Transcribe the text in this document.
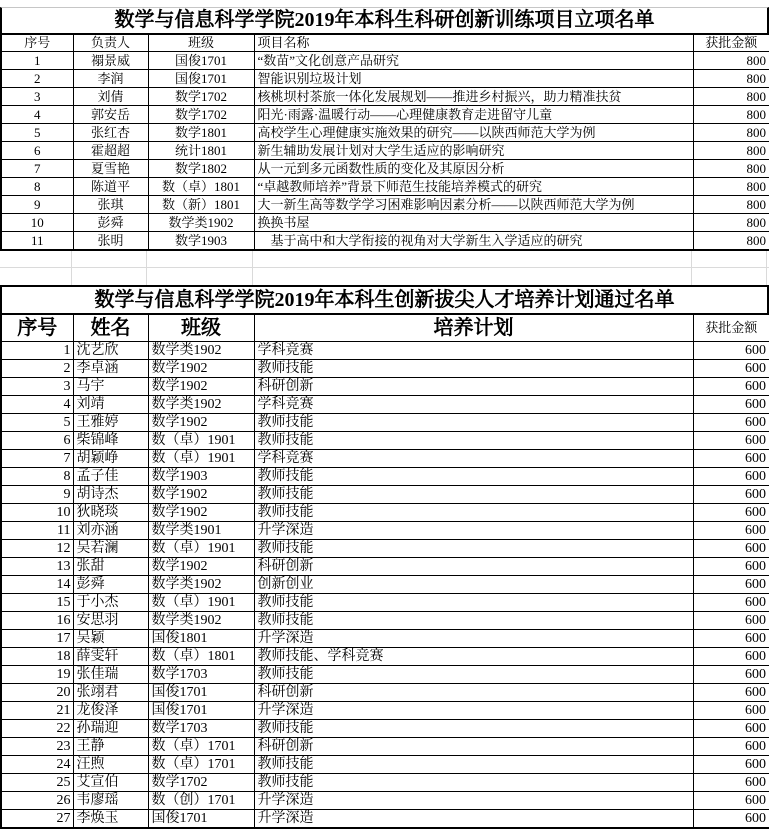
数学与信息科学学院2019年本科生科研创新训练项目立项名单
序号	负责人	班级	项目名称	获批金额
1	禤景威	国俊1701	“数苗”文化创意产品研究	800
2	李润	国俊1701	智能识别垃圾计划	800
3	刘倩	数学1702	核桃坝村茶旅一体化发展规划——推进乡村振兴，助力精准扶贫	800
4	郭安岳	数学1702	阳光·雨露·温暖行动——心理健康教育走进留守儿童	800
5	张红杏	数学1801	高校学生心理健康实施效果的研究——以陕西师范大学为例	800
6	霍超超	统计1801	新生辅助发展计划对大学生适应的影响研究	800
7	夏雪艳	数学1802	从一元到多元函数性质的变化及其原因分析	800
8	陈道平	数（卓）1801	“卓越教师培养”背景下师范生技能培养模式的研究	800
9	张琪	数（新）1801	大一新生高等数学学习困难影响因素分析——以陕西师范大学为例	800
10	彭舜	数学类1902	换换书屋	800
11	张明	数学1903	　基于高中和大学衔接的视角对大学新生入学适应的研究	800
数学与信息科学学院2019年本科生创新拔尖人才培养计划通过名单
序号	姓名	班级	培养计划	获批金额
1	沈艺欣	数学类1902	学科竞赛	600
2	李卓涵	数学1902	教师技能	600
3	马宇	数学1902	科研创新	600
4	刘靖	数学类1902	学科竞赛	600
5	王雅婷	数学1902	教师技能	600
6	柴锦峰	数（卓）1901	教师技能	600
7	胡颖峥	数（卓）1901	学科竞赛	600
8	孟子佳	数学1903	教师技能	600
9	胡诗杰	数学1902	教师技能	600
10	狄晓琰	数学1902	教师技能	600
11	刘亦涵	数学类1901	升学深造	600
12	吴若澜	数（卓）1901	教师技能	600
13	张甜	数学1902	科研创新	600
14	彭舜	数学类1902	创新创业	600
15	于小杰	数（卓）1901	教师技能	600
16	安思羽	数学类1902	教师技能	600
17	吴颖	国俊1801	升学深造	600
18	薛雯轩	数（卓）1801	教师技能、学科竞赛	600
19	张佳瑞	数学1703	教师技能	600
20	张翊君	国俊1701	科研创新	600
21	龙俊泽	国俊1701	升学深造	600
22	孙瑞迎	数学1703	教师技能	600
23	王静	数（卓）1701	科研创新	600
24	汪煦	数（卓）1701	教师技能	600
25	艾宣伯	数学1702	教师技能	600
26	韦廖瑶	数（创）1701	升学深造	600
27	李焕玉	国俊1701	升学深造	600
